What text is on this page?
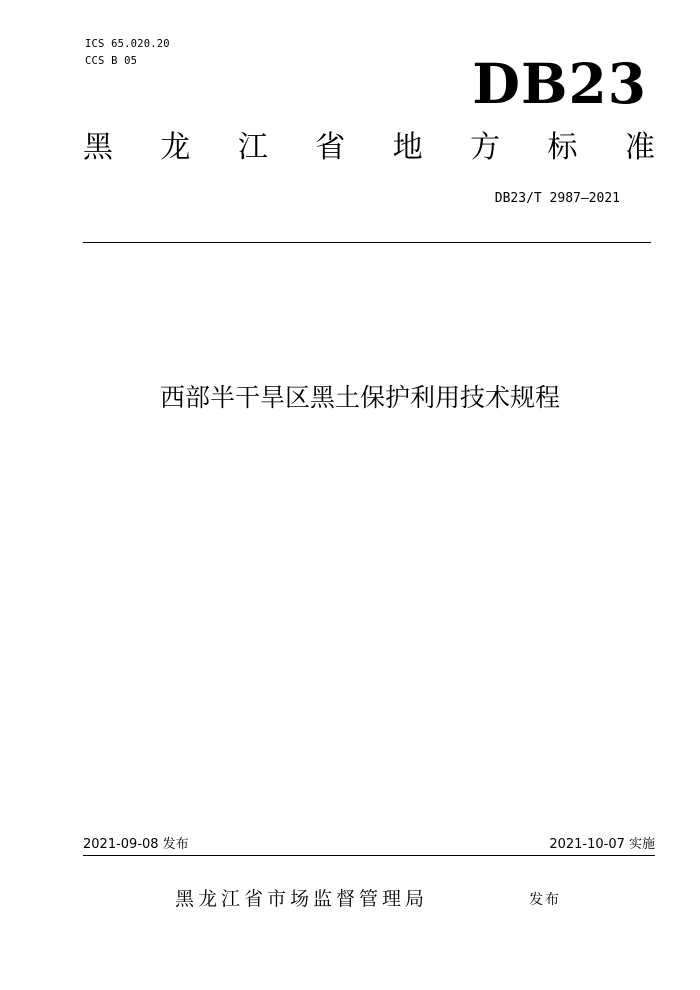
ICS 65.020.20
CCS B 05	DB23
黑 龙 江 省 地 方 标 准
DB23/T 2987—2021
西部半干旱区黑土保护利用技术规程
2021-09-08 发布	2021-10-07 实施
黑龙江省市场监督管理局	发布
